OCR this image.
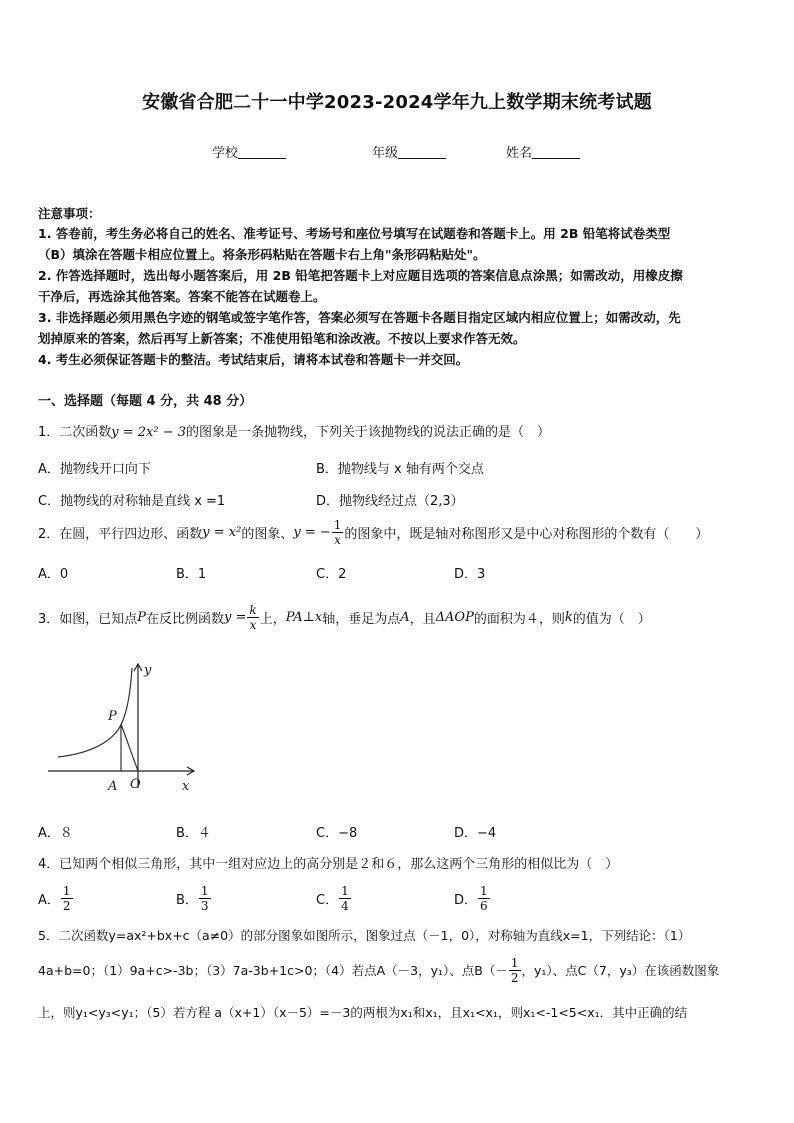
安徽省合肥二十一中学2023-2024学年九上数学期末统考试题
学校	年级	姓名
注意事项：
1. 答卷前，考生务必将自己的姓名、准考证号、考场号和座位号填写在试题卷和答题卡上。用 2B 铅笔将试卷类型
（B）填涂在答题卡相应位置上。将条形码粘贴在答题卡右上角"条形码粘贴处"。
2. 作答选择题时，选出每小题答案后，用 2B 铅笔把答题卡上对应题目选项的答案信息点涂黑；如需改动，用橡皮擦
干净后，再选涂其他答案。答案不能答在试题卷上。
3. 非选择题必须用黑色字迹的钢笔或签字笔作答，答案必须写在答题卡各题目指定区域内相应位置上；如需改动，先
划掉原来的答案，然后再写上新答案；不准使用铅笔和涂改液。不按以上要求作答无效。
4. 考生必须保证答题卡的整洁。考试结束后，请将本试卷和答题卡一并交回。
一、选择题（每题 4 分，共 48 分）
1．二次函数y = 2x² − 3的图象是一条抛物线，下列关于该抛物线的说法正确的是（　）
A．抛物线开口向下	B．抛物线与 x 轴有两个交点
C．抛物线的对称轴是直线 x =1	D．抛物线经过点（2,3）
2．在圆，平行四边形、函数 y = x² 的图象、 y = − $\frac{1}{x}$ 的图象中，既是轴对称图形又是中心对称图形的个数有（　　）
A．0	B．1	C．2	D．3
3．如图，已知点 P 在反比例函数 $y = \frac{k}{x}$ 上， PA⊥x 轴，垂足为点 A ，且 ΔAOP 的面积为４，则 k 的值为（　）
y
x
P
A O
A．８	B．４	C．−8	D．−4
4．已知两个相似三角形，其中一组对应边上的高分别是２和６，那么这两个三角形的相似比为（　）
A． $\frac{1}{2}$	B． $\frac{1}{3}$	C． $\frac{1}{4}$	D． $\frac{1}{6}$
5．二次函数y=ax²+bx+c（a≠0）的部分图象如图所示，图象过点（－1，0），对称轴为直线x=1，下列结论：（1）
4a+b=0；（1）9a+c>-3b；（3）7a-3b+1c>0；（4）若点A（－3，y₁）、点$B(- \frac{1}{2}$ ，y₁）、点C（7，y₃）在该函数图象
上，则y₁<y₃<y₁；（5）若方程 a（x+1）（x－5）=－3的两根为x₁和x₁，且x₁<x₁，则x₁<-1<5<x₁．其中正确的结
